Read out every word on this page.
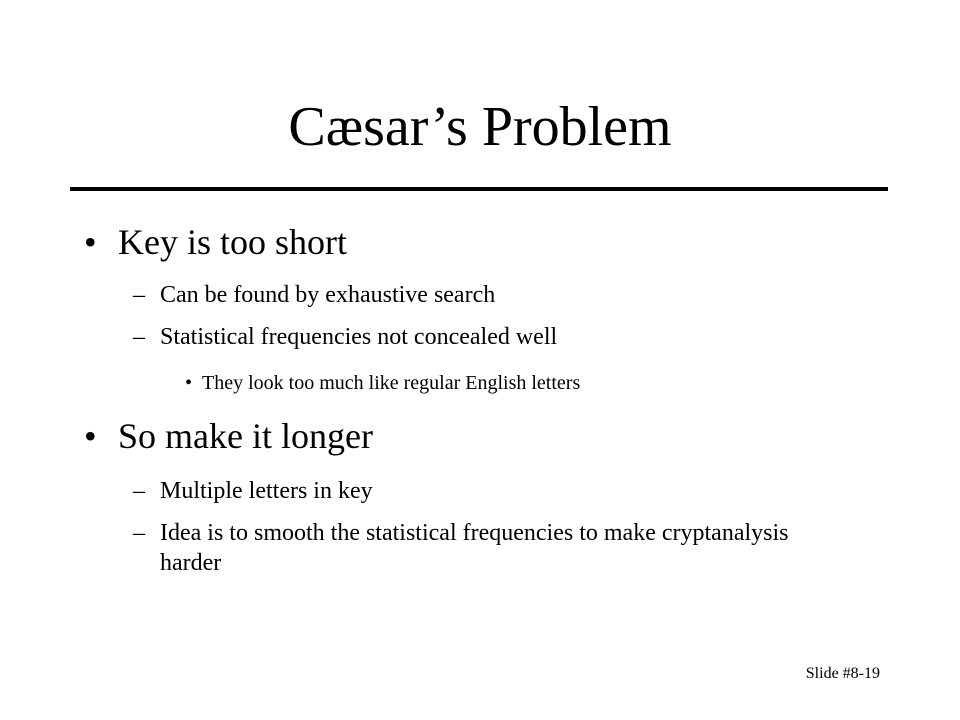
Cæsar’s Problem
• Key is too short
– Can be found by exhaustive search
– Statistical frequencies not concealed well
• They look too much like regular English letters
• So make it longer
– Multiple letters in key
– Idea is to smooth the statistical frequencies to make cryptanalysis harder
Slide #8-19
